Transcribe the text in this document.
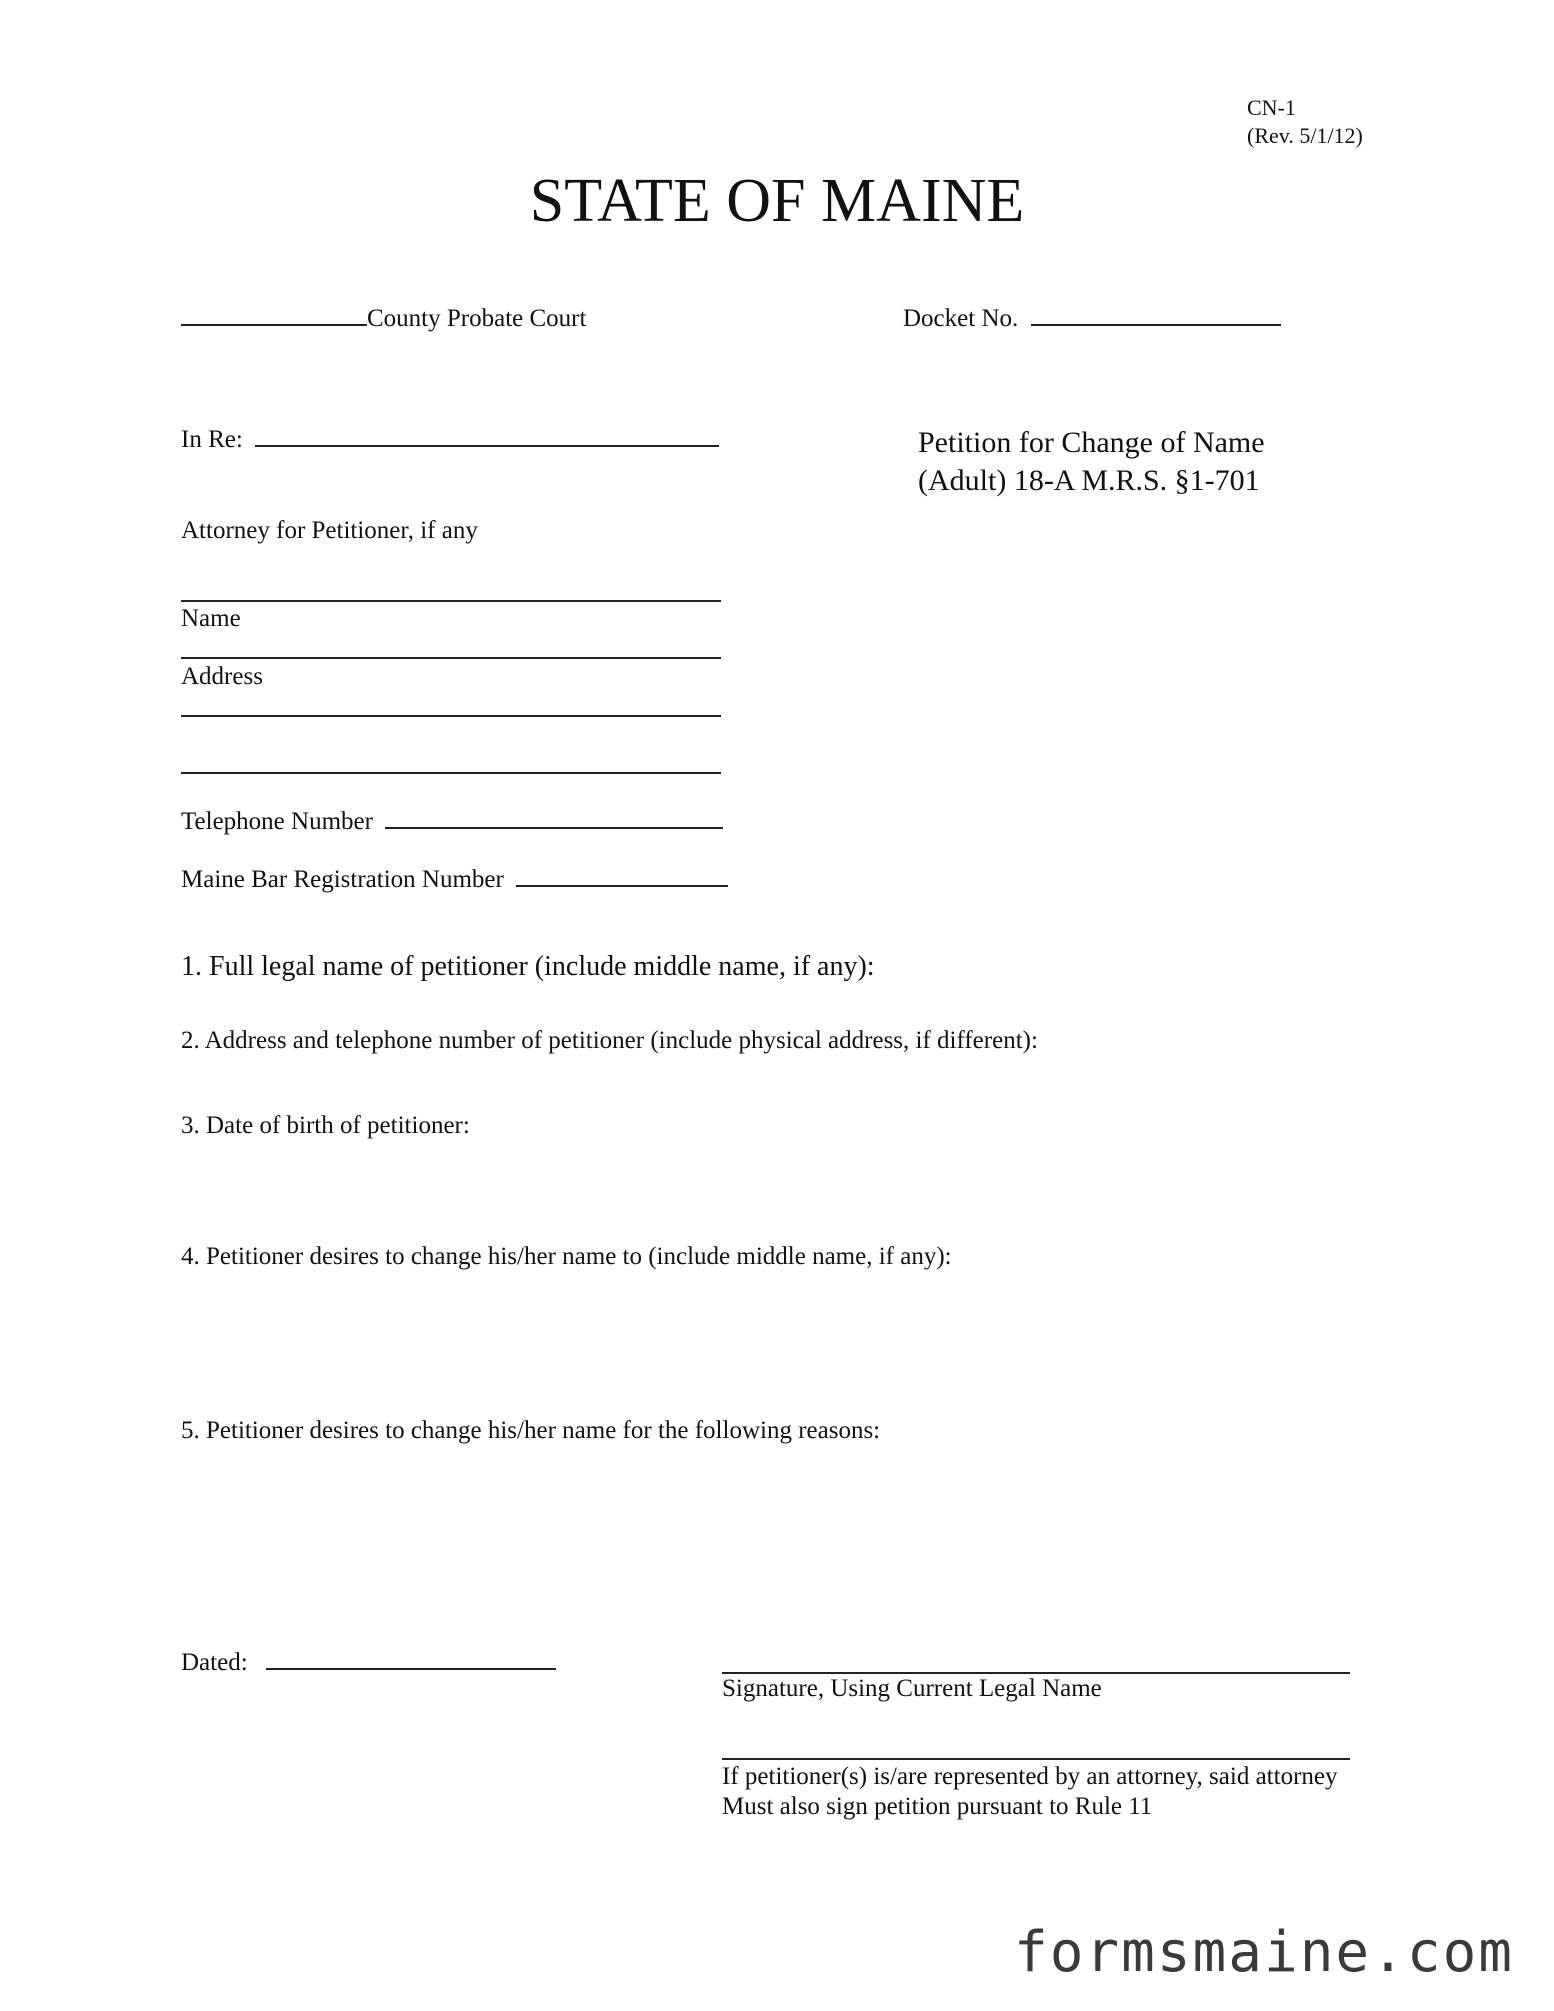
CN-1
(Rev. 5/1/12)
STATE OF MAINE
County Probate Court	Docket No.
In Re:	Petition for Change of Name
(Adult) 18-A M.R.S. §1-701
Attorney for Petitioner, if any
Name
Address
Telephone Number
Maine Bar Registration Number
1. Full legal name of petitioner (include middle name, if any):
2. Address and telephone number of petitioner (include physical address, if different):
3. Date of birth of petitioner:
4. Petitioner desires to change his/her name to (include middle name, if any):
5. Petitioner desires to change his/her name for the following reasons:
Dated:
Signature, Using Current Legal Name
If petitioner(s) is/are represented by an attorney, said attorney
Must also sign petition pursuant to Rule 11
formsmaine.com
